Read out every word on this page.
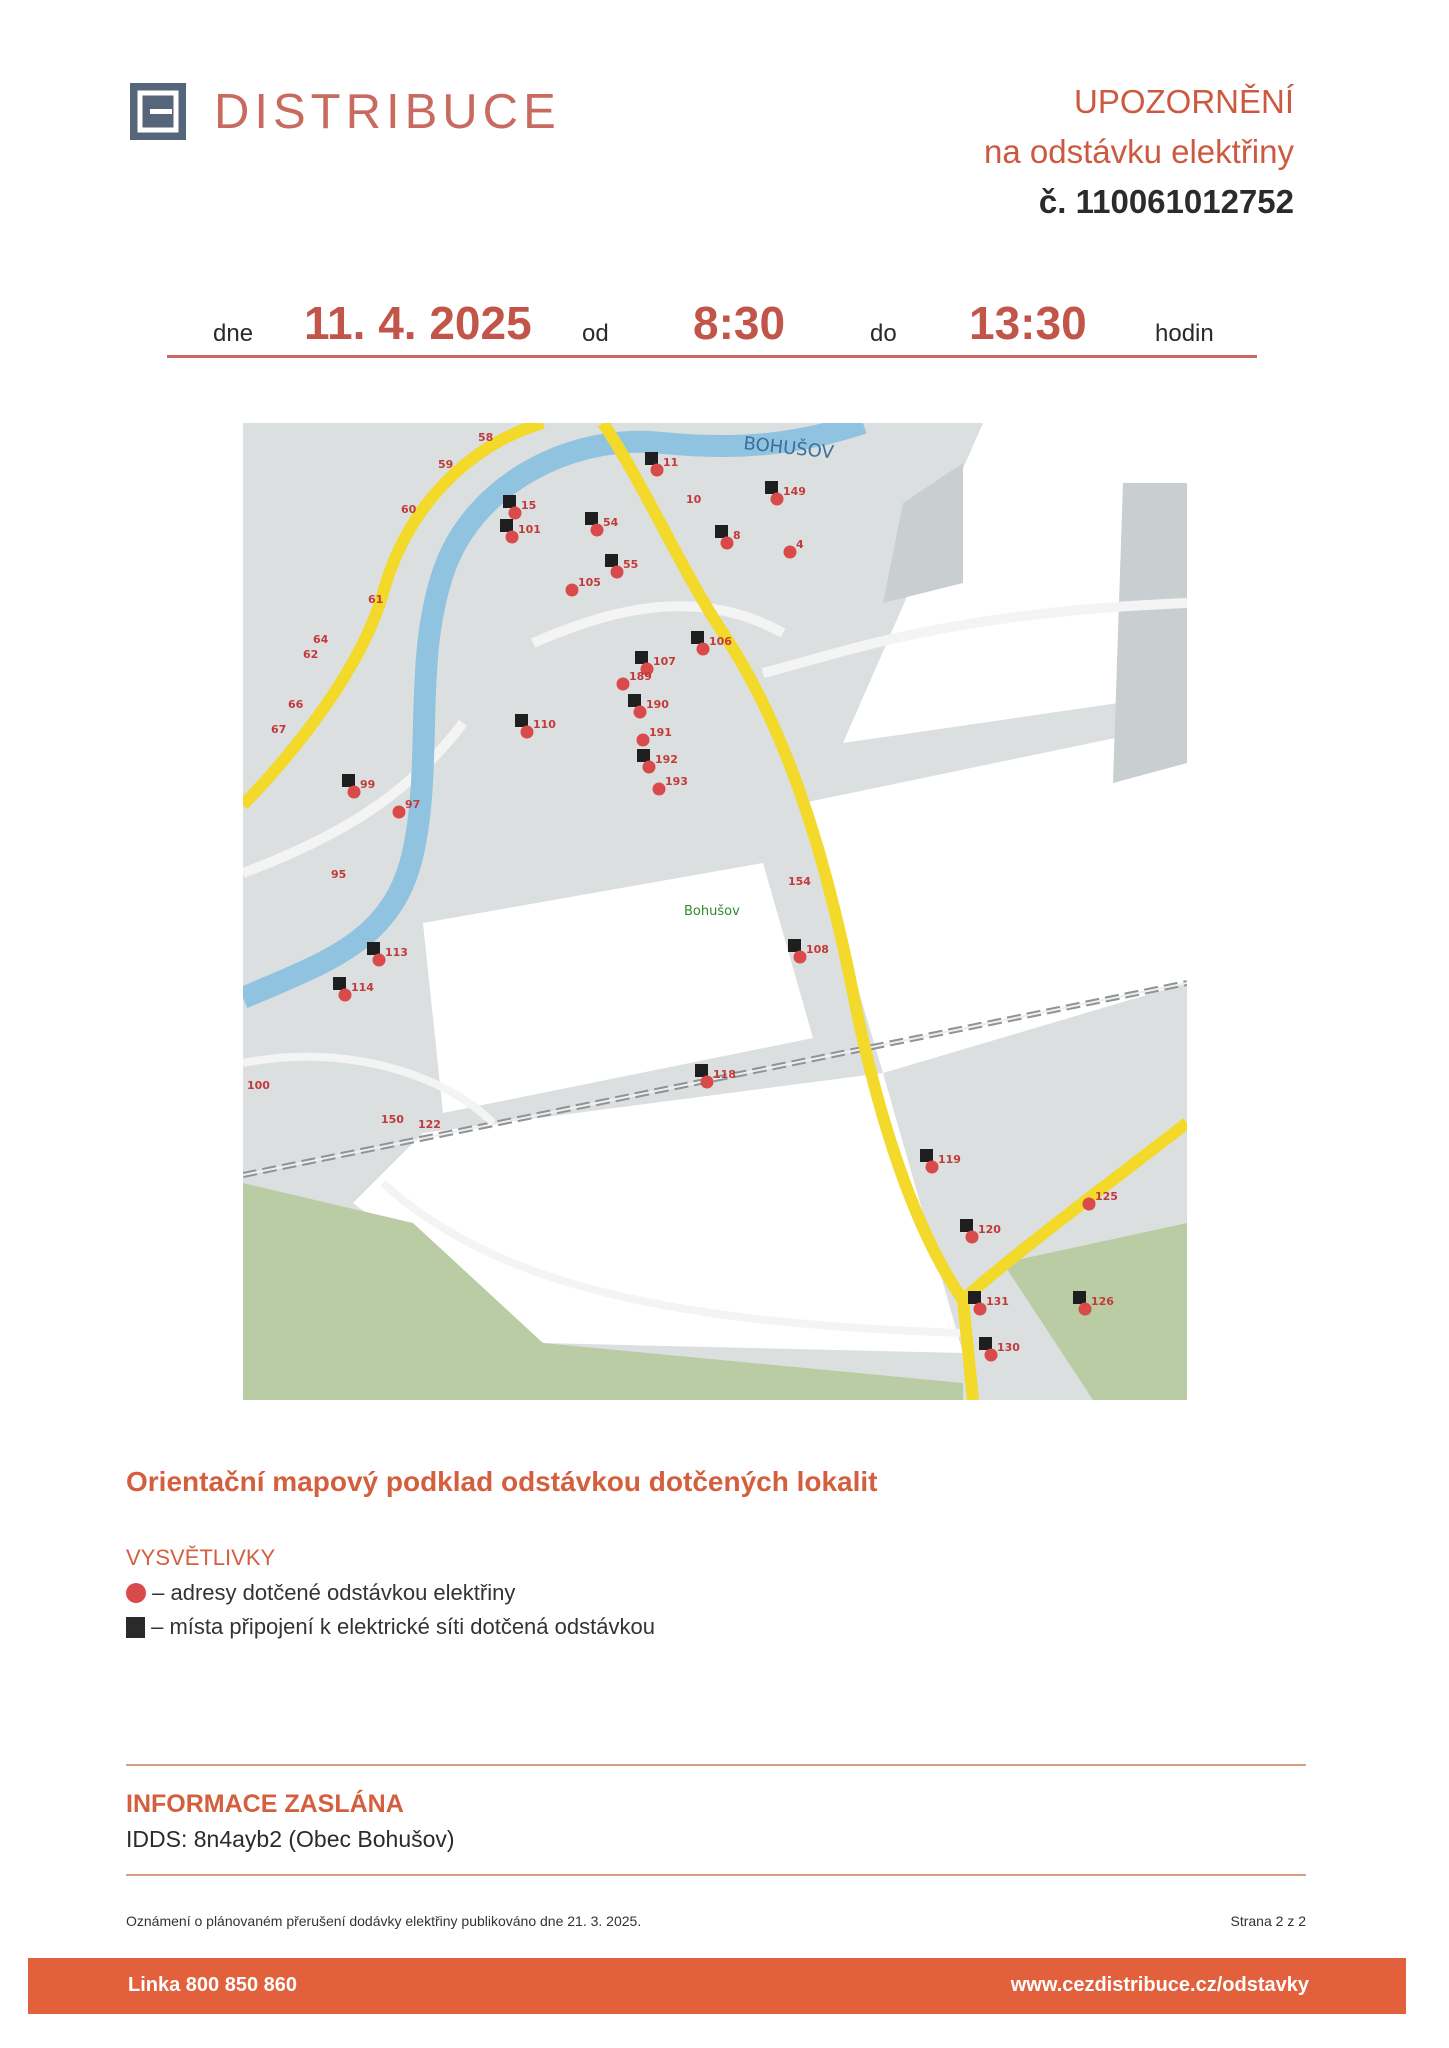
DISTRIBUCE	UPOZORNĚNÍ
na odstávku elektřiny
č. 110061012752
dne 11. 4. 2025 od 8:30	do 13:30	hodin
BOHUŠOV
Bohušov
58
59
60
61
62
64
66
67
99
97
95
113
114
100
150 122
15
101
54
55
105
110
107
106
189
190
191
192
193
11
10
8
149
4
154
108
118
119
120
125
131	126
130
Orientační mapový podklad odstávkou dotčených lokalit
VYSVĚTLIVKY
– adresy dotčené odstávkou elektřiny
– místa připojení k elektrické síti dotčená odstávkou
INFORMACE ZASLÁNA
IDDS: 8n4ayb2 (Obec Bohušov)
Oznámení o plánovaném přerušení dodávky elektřiny publikováno dne 21. 3. 2025.	Strana 2 z 2
Linka 800 850 860	www.cezdistribuce.cz/odstavky
